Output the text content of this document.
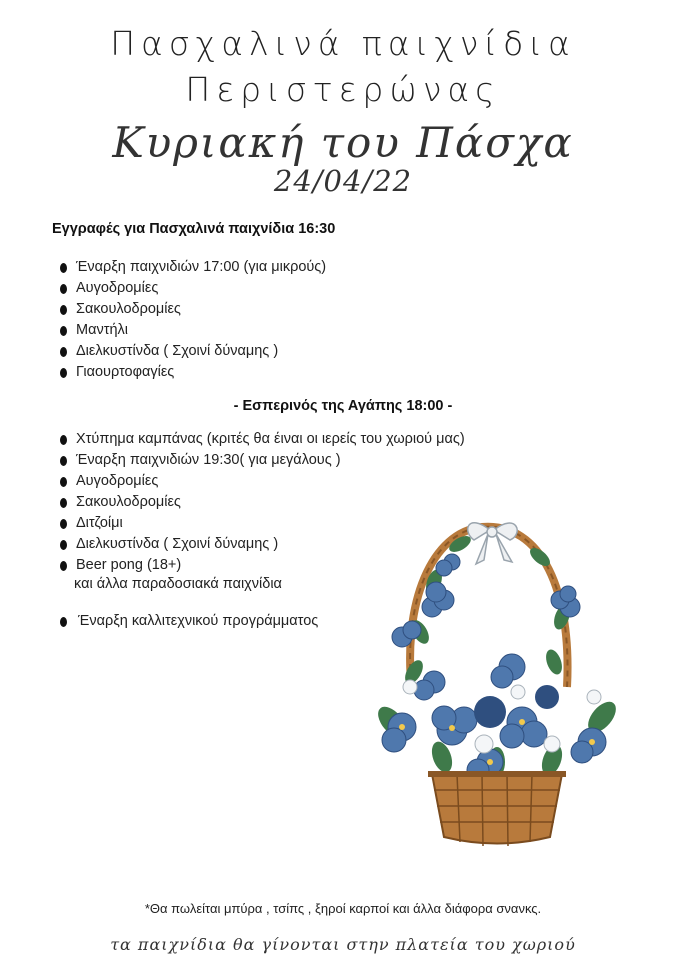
Πασχαλινά παιχνίδια
Περιστερώνας
Κυριακή του Πάσχα
24/04/22
Εγγραφές για Πασχαλινά παιχνίδια 16:30
Έναρξη παιχνιδιών 17:00 (για μικρούς)
Αυγοδρομίες
Σακουλοδρομίες
Μαντήλι
Διελκυστίνδα ( Σχοινί δύναμης )
Γιαουρτοφαγίες
- Εσπερινός της Αγάπης 18:00 -
Χτύπημα καμπάνας (κριτές θα έιναι οι ιερείς του χωριού μας)
Έναρξη παιχνιδιών 19:30( για μεγάλους )
Αυγοδρομίες
Σακουλοδρομίες
Διτζοίμι
Διελκυστίνδα ( Σχοινί δύναμης )
Beer pong (18+)
και άλλα παραδοσιακά παιχνίδια
Έναρξη καλλιτεχνικού προγράμματος
*Θα πωλείται μπύρα , τσίπς , ξηροί καρποί και άλλα διάφορα σνανκς.
τα παιχνίδια θα γίνονται στην πλατεία του χωριού
